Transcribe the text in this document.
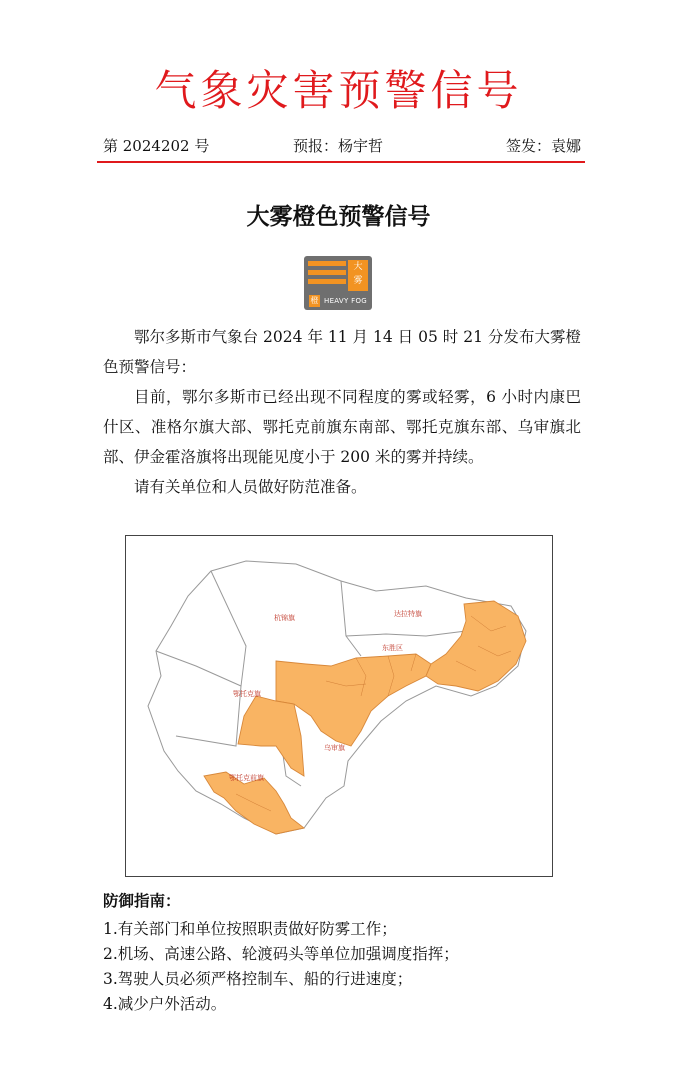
气象灾害预警信号
第 2024202 号	预报：杨宇哲	签发：袁娜
大雾橙色预警信号
大
雾
橙 HEAVY FOG

鄂尔多斯市气象台 2024 年 11 月 14 日 05 时 21 分发布大雾橙色预警信号：

目前，鄂尔多斯市已经出现不同程度的雾或轻雾，6 小时内康巴什区、准格尔旗大部、鄂托克前旗东南部、鄂托克旗东部、乌审旗北部、伊金霍洛旗将出现能见度小于 200 米的雾并持续。

请有关单位和人员做好防范准备。

杭锦旗	达拉特旗
东胜区
鄂托克旗
乌审旗
鄂托克前旗
防御指南：
1.有关部门和单位按照职责做好防雾工作；
2.机场、高速公路、轮渡码头等单位加强调度指挥；
3.驾驶人员必须严格控制车、船的行进速度；
4.减少户外活动。
